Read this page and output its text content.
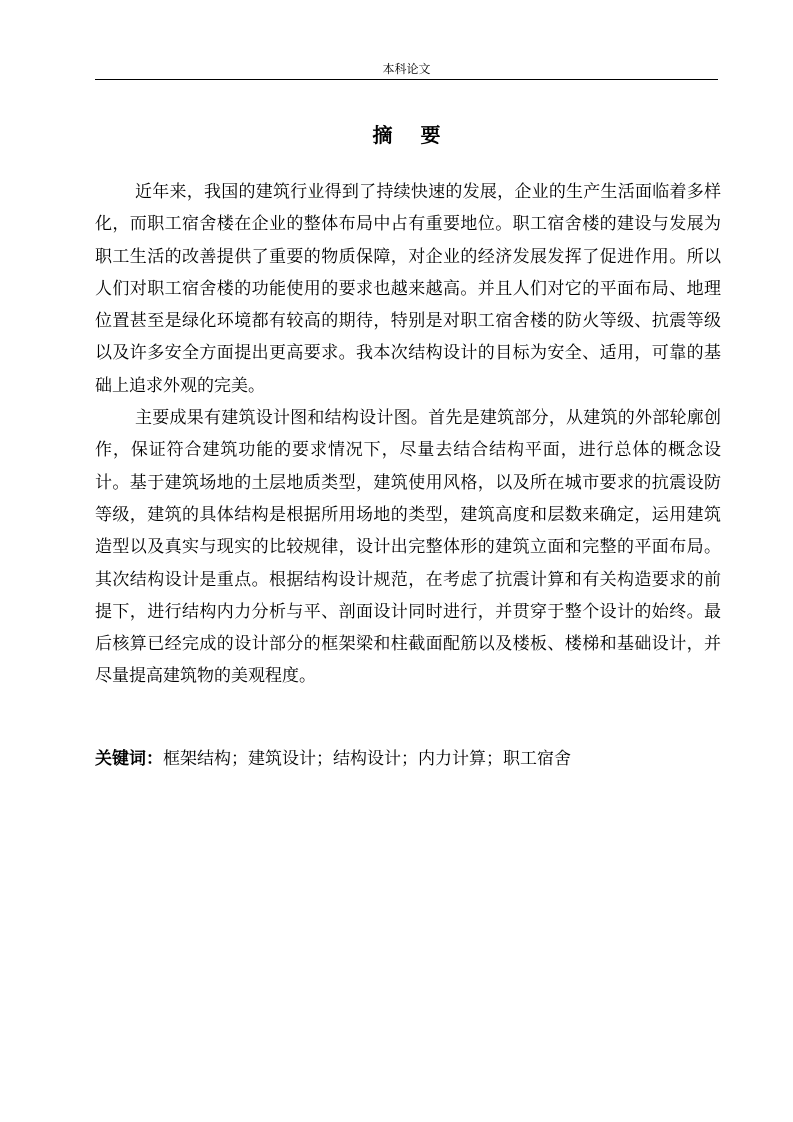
本科论文
摘要

近年来，我国的建筑行业得到了持续快速的发展，企业的生产生活面临着多样化，而职工宿舍楼在企业的整体布局中占有重要地位。职工宿舍楼的建设与发展为职工生活的改善提供了重要的物质保障，对企业的经济发展发挥了促进作用。所以人们对职工宿舍楼的功能使用的要求也越来越高。并且人们对它的平面布局、地理位置甚至是绿化环境都有较高的期待，特别是对职工宿舍楼的防火等级、抗震等级以及许多安全方面提出更高要求。我本次结构设计的目标为安全、适用，可靠的基础上追求外观的完美。

主要成果有建筑设计图和结构设计图。首先是建筑部分，从建筑的外部轮廓创作，保证符合建筑功能的要求情况下，尽量去结合结构平面，进行总体的概念设计。基于建筑场地的土层地质类型，建筑使用风格，以及所在城市要求的抗震设防等级，建筑的具体结构是根据所用场地的类型，建筑高度和层数来确定，运用建筑造型以及真实与现实的比较规律，设计出完整体形的建筑立面和完整的平面布局。其次结构设计是重点。根据结构设计规范，在考虑了抗震计算和有关构造要求的前提下，进行结构内力分析与平、剖面设计同时进行，并贯穿于整个设计的始终。最后核算已经完成的设计部分的框架梁和柱截面配筋以及楼板、楼梯和基础设计，并尽量提高建筑物的美观程度。

关键词：框架结构；建筑设计；结构设计；内力计算；职工宿舍
